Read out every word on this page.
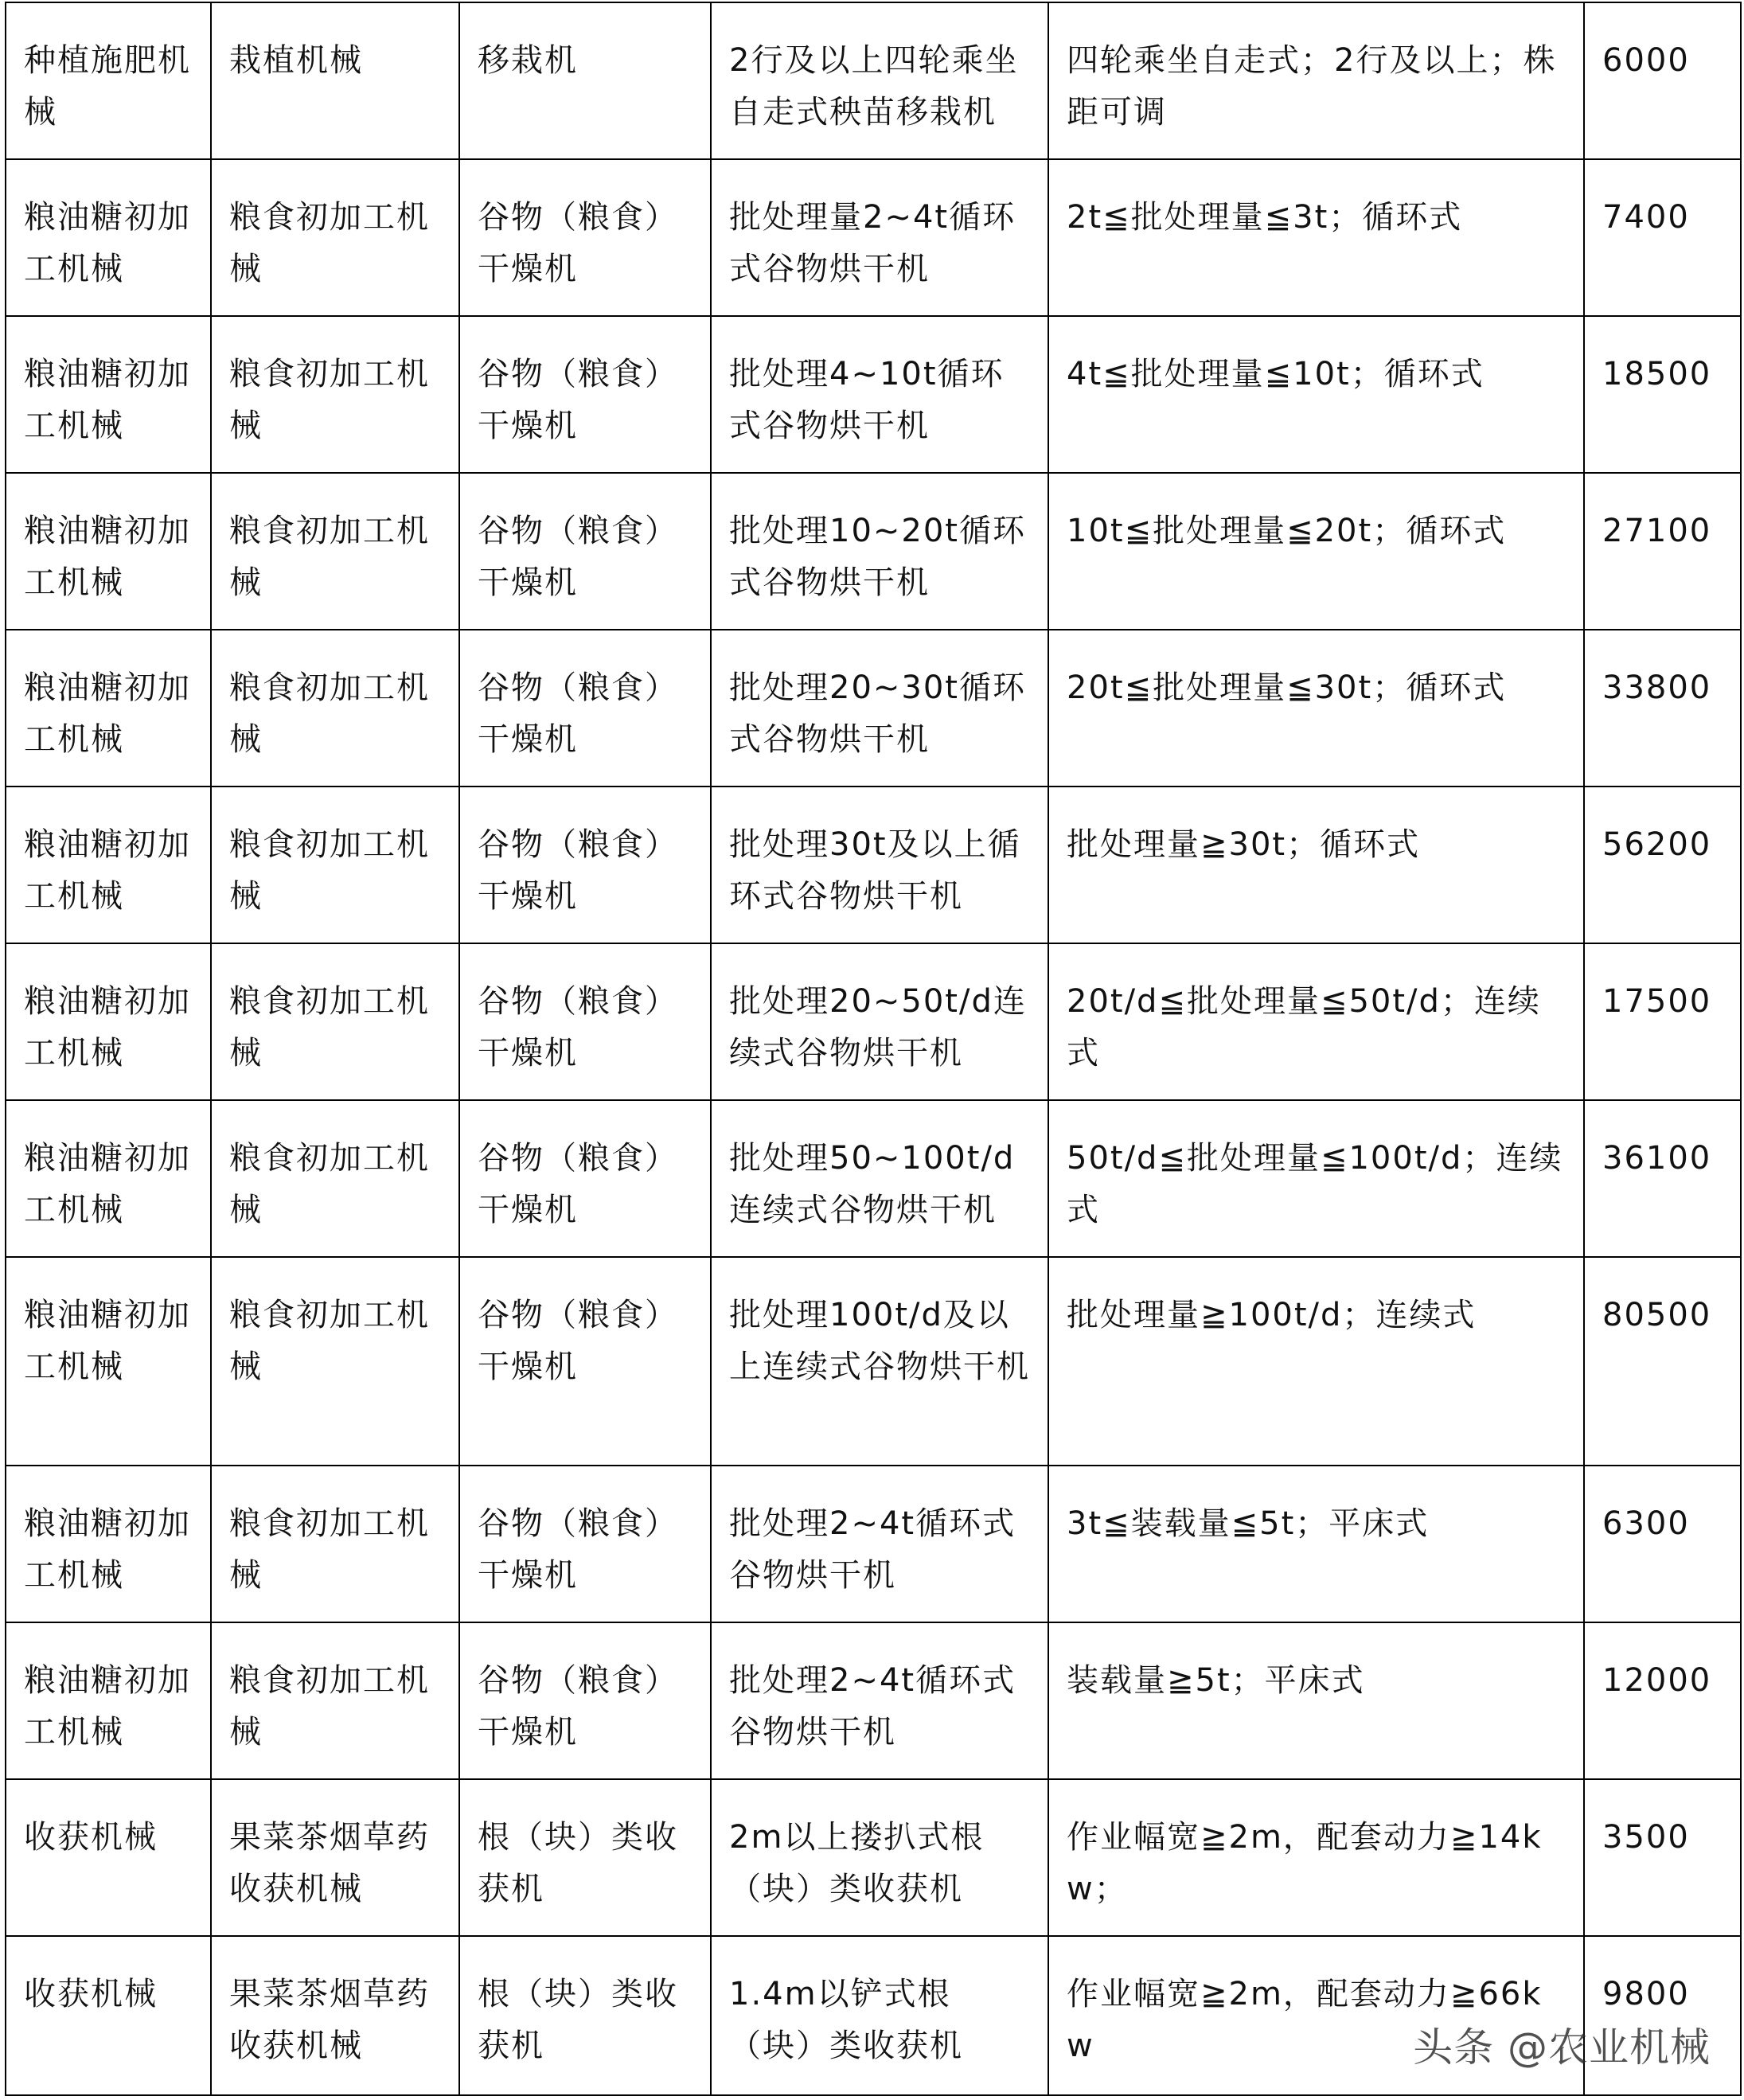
种植施肥机械	栽植机械	移栽机	2行及以上四轮乘坐自走式秧苗移栽机	四轮乘坐自走式；2行及以上；株距可调	6000
粮油糖初加工机械	粮食初加工机械	谷物（粮食）干燥机	批处理量2~4t循环式谷物烘干机	2t≦批处理量≦3t；循环式	7400
粮油糖初加工机械	粮食初加工机械	谷物（粮食）干燥机	批处理4~10t循环式谷物烘干机	4t≦批处理量≦10t；循环式	18500
粮油糖初加工机械	粮食初加工机械	谷物（粮食）干燥机	批处理10~20t循环式谷物烘干机	10t≦批处理量≦20t；循环式	27100
粮油糖初加工机械	粮食初加工机械	谷物（粮食）干燥机	批处理20~30t循环式谷物烘干机	20t≦批处理量≦30t；循环式	33800
粮油糖初加工机械	粮食初加工机械	谷物（粮食）干燥机	批处理30t及以上循环式谷物烘干机	批处理量≧30t；循环式	56200
粮油糖初加工机械	粮食初加工机械	谷物（粮食）干燥机	批处理20~50t/d连续式谷物烘干机	20t/d≦批处理量≦50t/d；连续式	17500
粮油糖初加工机械	粮食初加工机械	谷物（粮食）干燥机	批处理50~100t/d连续式谷物烘干机	50t/d≦批处理量≦100t/d；连续式	36100
粮油糖初加工机械	粮食初加工机械	谷物（粮食）干燥机	批处理100t/d及以上连续式谷物烘干机	批处理量≧100t/d；连续式	80500
粮油糖初加工机械	粮食初加工机械	谷物（粮食）干燥机	批处理2~4t循环式谷物烘干机	3t≦装载量≦5t；平床式	6300
粮油糖初加工机械	粮食初加工机械	谷物（粮食）干燥机	批处理2~4t循环式谷物烘干机	装载量≧5t；平床式	12000
收获机械	果菜茶烟草药收获机械	根（块）类收获机	2m以上搂扒式根（块）类收获机	作业幅宽≧2m，配套动力≧14kw；	3500
收获机械	果菜茶烟草药收获机械	根（块）类收获机	1.4m以铲式根（块）类收获机	作业幅宽≧2m，配套动力≧66kw	9800
头条 @农业机械
